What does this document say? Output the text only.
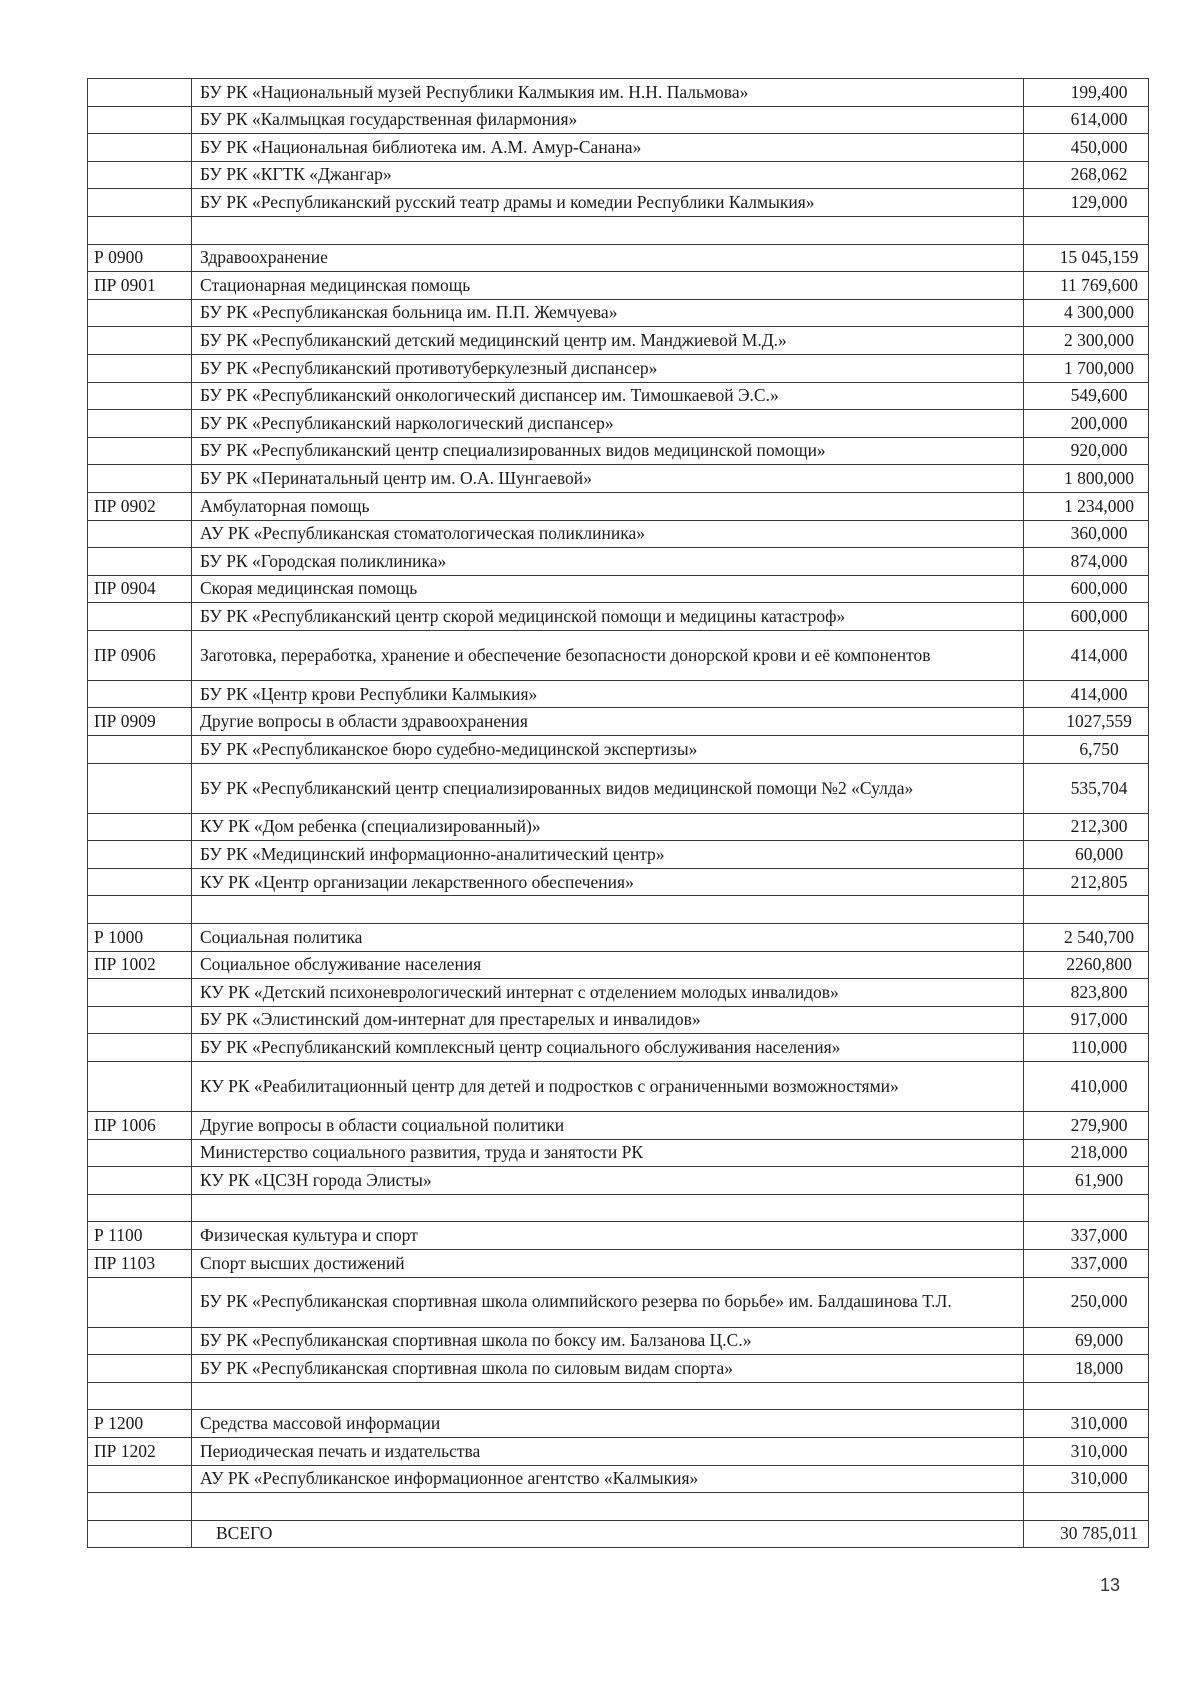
	БУ РК «Национальный музей Республики Калмыкия им. Н.Н. Пальмова»	199,400
	БУ РК «Калмыцкая государственная филармония»	614,000
	БУ РК «Национальная библиотека им. А.М. Амур-Санана»	450,000
	БУ РК «КГТК «Джангар»	268,062
	БУ РК «Республиканский русский театр драмы и комедии Республики Калмыкия»	129,000

Р 0900	Здравоохранение	15 045,159
ПР 0901	Стационарная медицинская помощь	11 769,600
	БУ РК «Республиканская больница им. П.П. Жемчуева»	4 300,000
	БУ РК «Республиканский детский медицинский центр им. Манджиевой М.Д.»	2 300,000
	БУ РК «Республиканский противотуберкулезный диспансер»	1 700,000
	БУ РК «Республиканский онкологический диспансер им. Тимошкаевой Э.С.»	549,600
	БУ РК «Республиканский наркологический диспансер»	200,000
	БУ РК «Республиканский центр специализированных видов медицинской помощи»	920,000
	БУ РК «Перинатальный центр им. О.А. Шунгаевой»	1 800,000
ПР 0902	Амбулаторная помощь	1 234,000
	АУ РК «Республиканская стоматологическая поликлиника»	360,000
	БУ РК «Городская поликлиника»	874,000
ПР 0904	Скорая медицинская помощь	600,000
	БУ РК «Республиканский центр скорой медицинской помощи и медицины катастроф»	600,000
ПР 0906	Заготовка, переработка, хранение и обеспечение безопасности донорской крови и её компонентов	414,000
	БУ РК «Центр крови Республики Калмыкия»	414,000
ПР 0909	Другие вопросы в области здравоохранения	1027,559
	БУ РК «Республиканское бюро судебно-медицинской экспертизы»	6,750
	БУ РК «Республиканский центр специализированных видов медицинской помощи №2 «Сулда»	535,704
	КУ РК «Дом ребенка (специализированный)»	212,300
	БУ РК «Медицинский информационно-аналитический центр»	60,000
	КУ РК «Центр организации лекарственного обеспечения»	212,805

Р 1000	Социальная политика	2 540,700
ПР 1002	Социальное обслуживание населения	2260,800
	КУ РК «Детский психоневрологический интернат с отделением молодых инвалидов»	823,800
	БУ РК «Элистинский дом-интернат для престарелых и инвалидов»	917,000
	БУ РК «Республиканский комплексный центр социального обслуживания населения»	110,000
	КУ РК «Реабилитационный центр для детей и подростков с ограниченными возможностями»	410,000
ПР 1006	Другие вопросы в области социальной политики	279,900
	Министерство социального развития, труда и занятости РК	218,000
	КУ РК «ЦСЗН города Элисты»	61,900

Р 1100	Физическая культура и спорт	337,000
ПР 1103	Спорт высших достижений	337,000
	БУ РК «Республиканская спортивная школа олимпийского резерва по борьбе» им. Балдашинова Т.Л.	250,000
	БУ РК «Республиканская спортивная школа по боксу им. Балзанова Ц.С.»	69,000
	БУ РК «Республиканская спортивная школа по силовым видам спорта»	18,000

Р 1200	Средства массовой информации	310,000
ПР 1202	Периодическая печать и издательства	310,000
	АУ РК «Республиканское информационное агентство «Калмыкия»	310,000

	ВСЕГО	30 785,011
13
